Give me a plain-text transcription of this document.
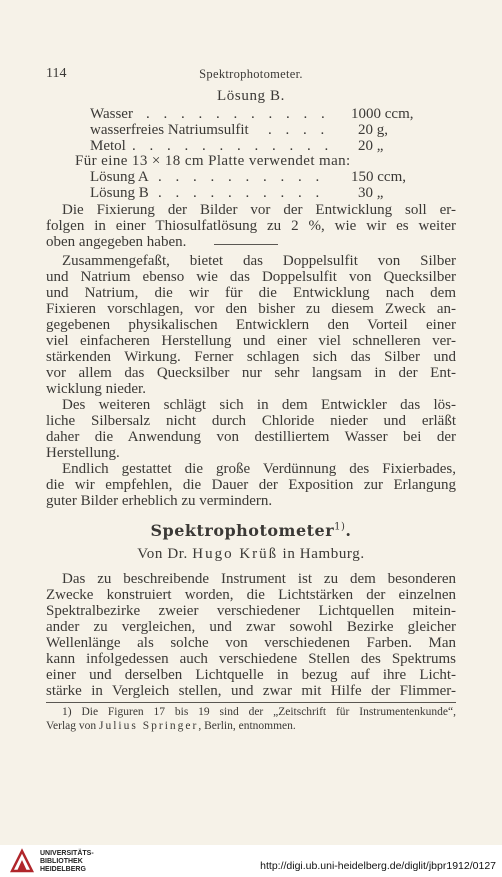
114	Spektrophotometer.
Lösung B.
Wasser . . . . . . . . . . . 1000 ccm,
wasserfreies Natriumsulfit . . . . 20 g,
Metol . . . . . . . . . . . . 20 „
Für eine 13 × 18 cm Platte verwendet man:
Lösung A . . . . . . . . . . 150 ccm,
Lösung B . . . . . . . . . . 30 „
Die Fixierung der Bilder vor der Entwicklung soll er-
folgen in einer Thiosulfatlösung zu 2 %, wie wir es weiter
oben angegeben haben.
Zusammengefaßt, bietet das Doppelsulfit von Silber
und Natrium ebenso wie das Doppelsulfit von Quecksilber
und Natrium, die wir für die Entwicklung nach dem
Fixieren vorschlagen, vor den bisher zu diesem Zweck an-
gegebenen physikalischen Entwicklern den Vorteil einer
viel einfacheren Herstellung und einer viel schnelleren ver-
stärkenden Wirkung. Ferner schlagen sich das Silber und
vor allem das Quecksilber nur sehr langsam in der Ent-
wicklung nieder.
Des weiteren schlägt sich in dem Entwickler das lös-
liche Silbersalz nicht durch Chloride nieder und erläßt
daher die Anwendung von destilliertem Wasser bei der
Herstellung.
Endlich gestattet die große Verdünnung des Fixierbades,
die wir empfehlen, die Dauer der Exposition zur Erlangung
guter Bilder erheblich zu vermindern.
Spektrophotometer$^{1)}$.
Von Dr. Hugo Krüß in Hamburg.
Das zu beschreibende Instrument ist zu dem besonderen
Zwecke konstruiert worden, die Lichtstärken der einzelnen
Spektralbezirke zweier verschiedener Lichtquellen mitein-
ander zu vergleichen, und zwar sowohl Bezirke gleicher
Wellenlänge als solche von verschiedenen Farben. Man
kann infolgedessen auch verschiedene Stellen des Spektrums
einer und derselben Lichtquelle in bezug auf ihre Licht-
stärke in Vergleich stellen, und zwar mit Hilfe der Flimmer-
1) Die Figuren 17 bis 19 sind der „Zeitschrift für Instrumentenkunde“,
Verlag von Julius Springer, Berlin, entnommen.
UNIVERSITÄTS-
BIBLIOTHEK
HEIDELBERG	http://digi.ub.uni-heidelberg.de/diglit/jbpr1912/0127
